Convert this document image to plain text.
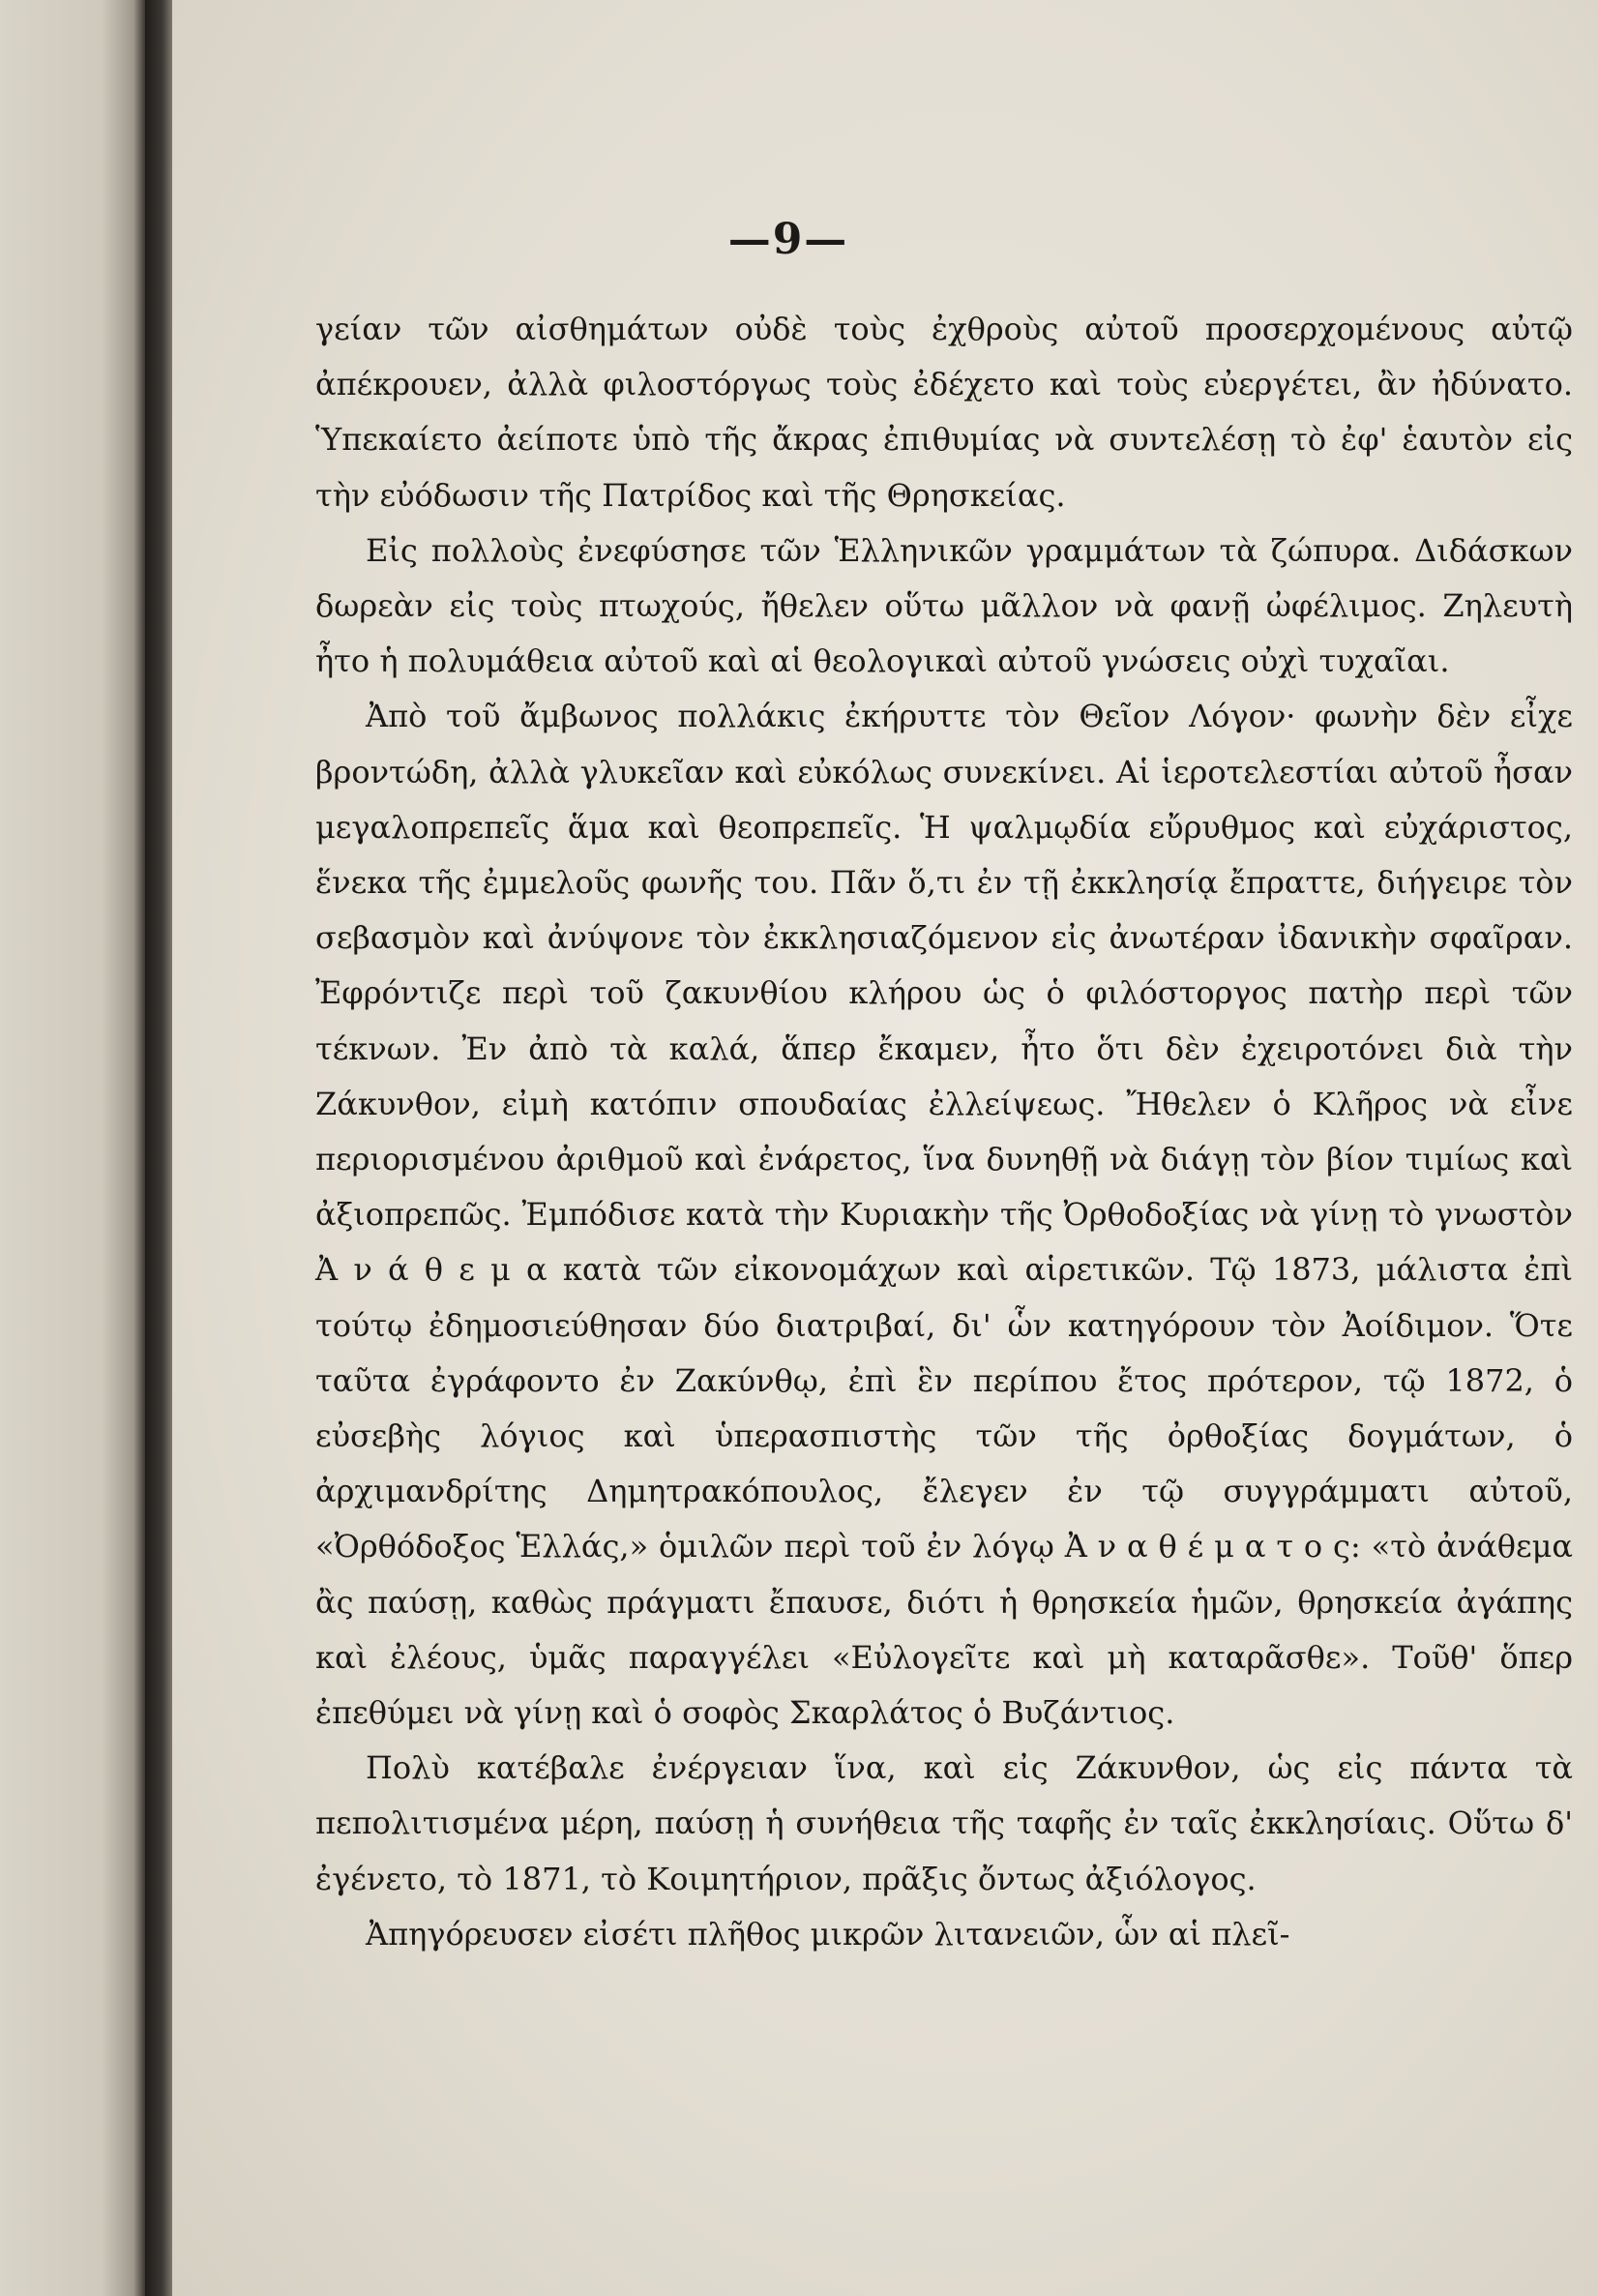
—9—

γείαν τῶν αἰσθημάτων οὐδὲ τοὺς ἐχθροὺς αὐτοῦ προσερχομένους αὐτῷ ἀπέκρουεν, ἀλλὰ φιλοστόργως τοὺς ἐδέχετο καὶ τοὺς εὐεργέτει, ἂν ἠδύνατο. Ὑπεκαίετο ἀείποτε ὑπὸ τῆς ἄκρας ἐπιθυμίας νὰ συντελέσῃ τὸ ἐφ' ἑαυτὸν εἰς τὴν εὐόδωσιν τῆς Πατρίδος καὶ τῆς Θρησκείας.

Εἰς πολλοὺς ἐνεφύσησε τῶν Ἑλληνικῶν γραμμάτων τὰ ζώπυρα. Διδάσκων δωρεὰν εἰς τοὺς πτωχούς, ἤθελεν οὕτω μᾶλλον νὰ φανῇ ὠφέλιμος. Ζηλευτὴ ἦτο ἡ πολυμάθεια αὐτοῦ καὶ αἱ θεολογικαὶ αὐτοῦ γνώσεις οὐχὶ τυχαῖαι.

Ἀπὸ τοῦ ἄμβωνος πολλάκις ἐκήρυττε τὸν Θεῖον Λόγον· φωνὴν δὲν εἶχε βροντώδη, ἀλλὰ γλυκεῖαν καὶ εὐκόλως συνεκίνει. Αἱ ἱεροτελεστίαι αὐτοῦ ἦσαν μεγαλοπρεπεῖς ἅμα καὶ θεοπρεπεῖς. Ἡ ψαλμῳδία εὔρυθμος καὶ εὐχάριστος, ἕνεκα τῆς ἐμμελοῦς φωνῆς του. Πᾶν ὅ,τι ἐν τῇ ἐκκλησίᾳ ἔπραττε, διήγειρε τὸν σεβασμὸν καὶ ἀνύψονε τὸν ἐκκλησιαζόμενον εἰς ἀνωτέραν ἰδανικὴν σφαῖραν. Ἐφρόντιζε περὶ τοῦ ζακυνθίου κλήρου ὡς ὁ φιλόστοργος πατὴρ περὶ τῶν τέκνων. Ἐν ἀπὸ τὰ καλά, ἅπερ ἔκαμεν, ἦτο ὅτι δὲν ἐχειροτόνει διὰ τὴν Ζάκυνθον, εἰμὴ κατόπιν σπουδαίας ἐλλείψεως. Ἤθελεν ὁ Κλῆρος νὰ εἶνε περιορισμένου ἀριθμοῦ καὶ ἐνάρετος, ἵνα δυνηθῇ νὰ διάγῃ τὸν βίον τιμίως καὶ ἀξιοπρεπῶς. Ἐμπόδισε κατὰ τὴν Κυριακὴν τῆς Ὀρθοδοξίας νὰ γίνῃ τὸ γνωστὸν Ἀ ν ά θ ε μ α κατὰ τῶν εἰκονομάχων καὶ αἱρετικῶν. Τῷ 1873, μάλιστα ἐπὶ τούτῳ ἐδημοσιεύθησαν δύο διατριβαί, δι' ὧν κατηγόρουν τὸν Ἀοίδιμον. Ὅτε ταῦτα ἐγράφοντο ἐν Ζακύνθῳ, ἐπὶ ἓν περίπου ἔτος πρότερον, τῷ 1872, ὁ εὐσεβὴς λόγιος καὶ ὑπερασπιστὴς τῶν τῆς ὀρθοξίας δογμάτων, ὁ ἀρχιμανδρίτης Δημητρακόπουλος, ἔλεγεν ἐν τῷ συγγράμματι αὐτοῦ, «Ὀρθόδοξος Ἑλλάς,» ὁμιλῶν περὶ τοῦ ἐν λόγῳ Ἀ ν α θ έ μ α τ ο ς: «τὸ ἀνάθεμα ἂς παύσῃ, καθὼς πράγματι ἔπαυσε, διότι ἡ θρησκεία ἡμῶν, θρησκεία ἀγάπης καὶ ἐλέους, ὑμᾶς παραγγέλει «Εὐλογεῖτε καὶ μὴ καταρᾶσθε». Τοῦθ' ὅπερ ἐπεθύμει νὰ γίνῃ καὶ ὁ σοφὸς Σκαρλάτος ὁ Βυζάντιος.

Πολὺ κατέβαλε ἐνέργειαν ἵνα, καὶ εἰς Ζάκυνθον, ὡς εἰς πάντα τὰ πεπολιτισμένα μέρη, παύσῃ ἡ συνήθεια τῆς ταφῆς ἐν ταῖς ἐκκλησίαις. Οὕτω δ' ἐγένετο, τὸ 1871, τὸ Κοιμητήριον, πρᾶξις ὄντως ἀξιόλογος.

Ἀπηγόρευσεν εἰσέτι πλῆθος μικρῶν λιτανειῶν, ὧν αἱ πλεῖ-
